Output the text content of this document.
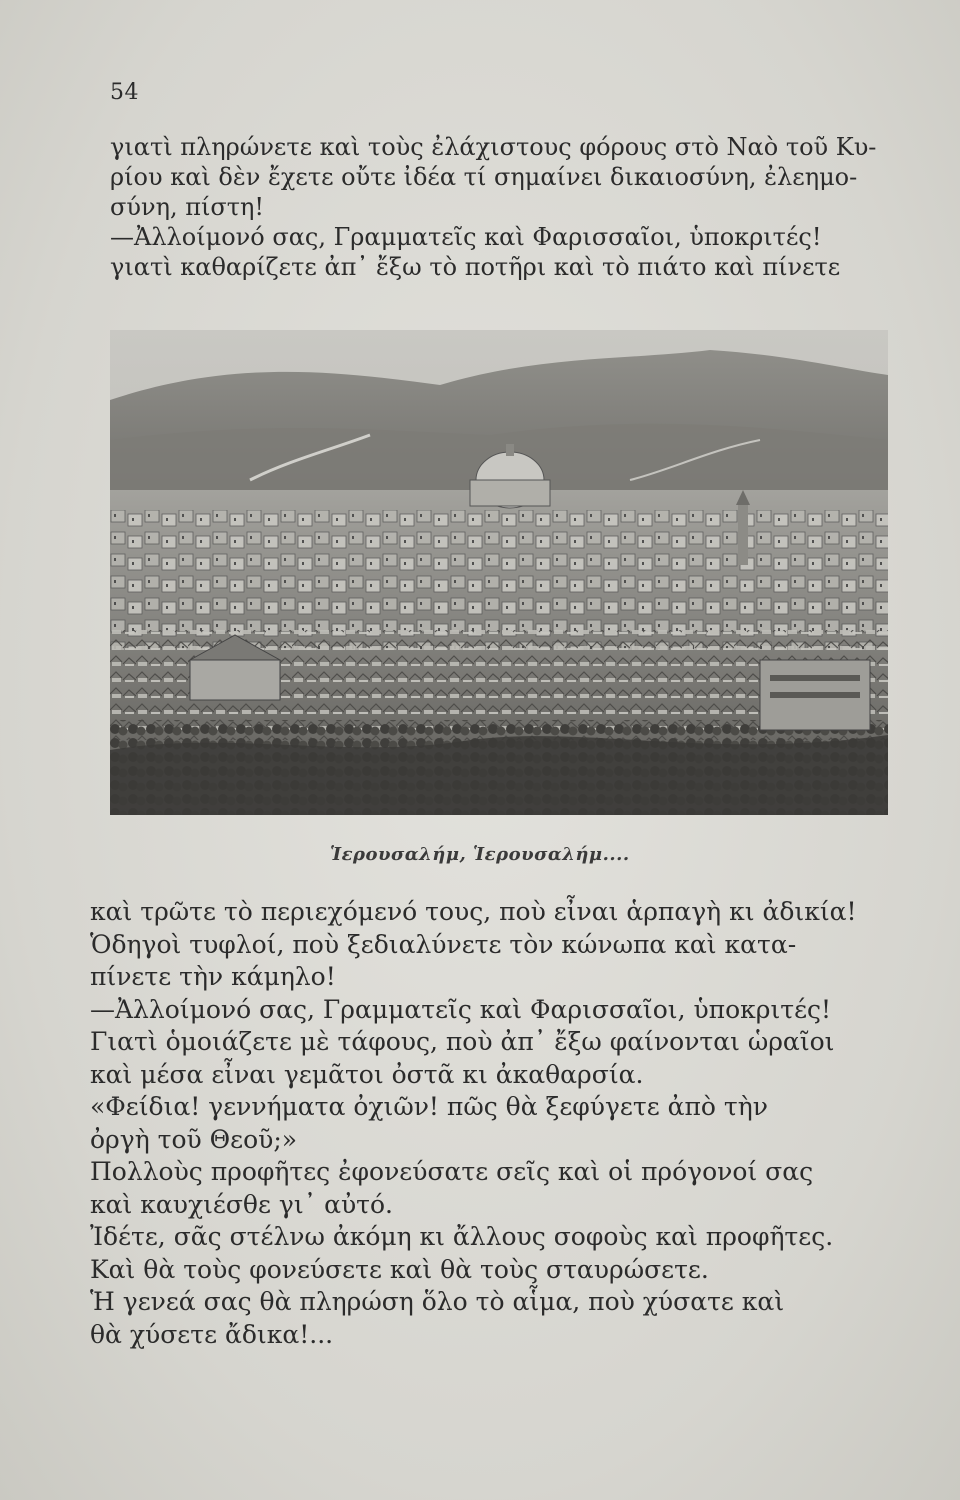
54
γιατὶ πληρώνετε καὶ τοὺς ἐλάχιστους φόρους στὸ Ναὸ τοῦ Κυ-
ρίου καὶ δὲν ἔχετε οὔτε ἰδέα τί σημαίνει δικαιοσύνη, ἐλεημο-
σύνη, πίστη!
—Ἀλλοίμονό σας, Γραμματεῖς καὶ Φαρισσαῖοι, ὑποκριτές!
γιατὶ καθαρίζετε ἀπ᾿ ἔξω τὸ ποτῆρι καὶ τὸ πιάτο καὶ πίνετε
Ἱερουσαλήμ, Ἱερουσαλήμ....
καὶ τρῶτε τὸ περιεχόμενό τους, ποὺ εἶναι ἁρπαγὴ κι ἀδικία!
Ὁδηγοὶ τυφλοί, ποὺ ξεδιαλύνετε τὸν κώνωπα καὶ κατα-
πίνετε τὴν κάμηλο!
—Ἀλλοίμονό σας, Γραμματεῖς καὶ Φαρισσαῖοι, ὑποκριτές!
Γιατὶ ὁμοιάζετε μὲ τάφους, ποὺ ἀπ᾿ ἔξω φαίνονται ὡραῖοι
καὶ μέσα εἶναι γεμᾶτοι ὀστᾶ κι ἀκαθαρσία.
«Φείδια! γεννήματα ὀχιῶν! πῶς θὰ ξεφύγετε ἀπὸ τὴν
ὀργὴ τοῦ Θεοῦ;»
Πολλοὺς προφῆτες ἐφονεύσατε σεῖς καὶ οἱ πρόγονοί σας
καὶ καυχιέσθε γι᾿ αὐτό.
Ἰδέτε, σᾶς στέλνω ἀκόμη κι ἄλλους σοφοὺς καὶ προφῆτες.
Καὶ θὰ τοὺς φονεύσετε καὶ θὰ τοὺς σταυρώσετε.
Ἡ γενεά σας θὰ πληρώση ὅλο τὸ αἷμα, ποὺ χύσατε καὶ
θὰ χύσετε ἄδικα!...
